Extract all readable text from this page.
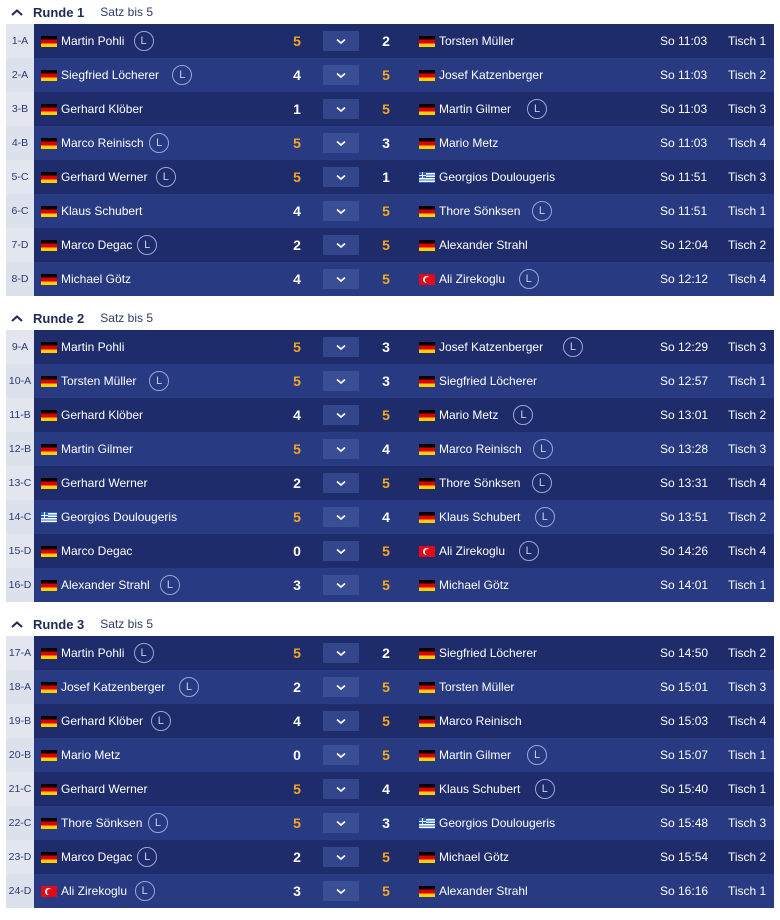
Runde 1 Satz bis 5
1-A	Martin Pohli	L	5	2	Torsten Müller	So 11:03 Tisch 1
2-A	Siegfried Löcherer	L	4	5	Josef Katzenberger	So 11:03 Tisch 2
3-B	Gerhard Klöber	1	5	Martin Gilmer	L	So 11:03 Tisch 3
4-B	Marco Reinisch	L	5	3	Mario Metz	So 11:03 Tisch 4
5-C	Gerhard Werner	L	5	1	Georgios Doulougeris	So 11:51 Tisch 3
6-C	Klaus Schubert	4	5	Thore Sönksen	L	So 11:51 Tisch 1
7-D	Marco Degac	L	2	5	Alexander Strahl	So 12:04 Tisch 2
8-D	Michael Götz	4	5	Ali Zirekoglu	L	So 12:12 Tisch 4
Runde 2 Satz bis 5
9-A	Martin Pohli	5	3	Josef Katzenberger	L	So 12:29 Tisch 3
10-A Torsten Müller	L	5	3	Siegfried Löcherer	So 12:57 Tisch 1
11-B	Gerhard Klöber	4	5	Mario Metz	L	So 13:01 Tisch 2
12-B Martin Gilmer	5	4	Marco Reinisch	L	So 13:28 Tisch 3
13-C Gerhard Werner	2	5	Thore Sönksen	L	So 13:31 Tisch 4
14-C Georgios Doulougeris	5	4	Klaus Schubert	L	So 13:51 Tisch 2
15-D Marco Degac	0	5	Ali Zirekoglu	L	So 14:26 Tisch 4
16-D Alexander Strahl	L	3	5	Michael Götz	So 14:01 Tisch 1
Runde 3 Satz bis 5
17-A Martin Pohli	L	5	2	Siegfried Löcherer	So 14:50 Tisch 2
18-A Josef Katzenberger	L	2	5	Torsten Müller	So 15:01 Tisch 3
19-B Gerhard Klöber	L	4	5	Marco Reinisch	So 15:03 Tisch 4
20-B Mario Metz	0	5	Martin Gilmer	L	So 15:07 Tisch 1
21-C Gerhard Werner	5	4	Klaus Schubert	L	So 15:40 Tisch 1
22-C Thore Sönksen	L	5	3	Georgios Doulougeris	So 15:48 Tisch 3
23-D Marco Degac	L	2	5	Michael Götz	So 15:54 Tisch 2
24-D Ali Zirekoglu	L	3	5	Alexander Strahl	So 16:16 Tisch 1
